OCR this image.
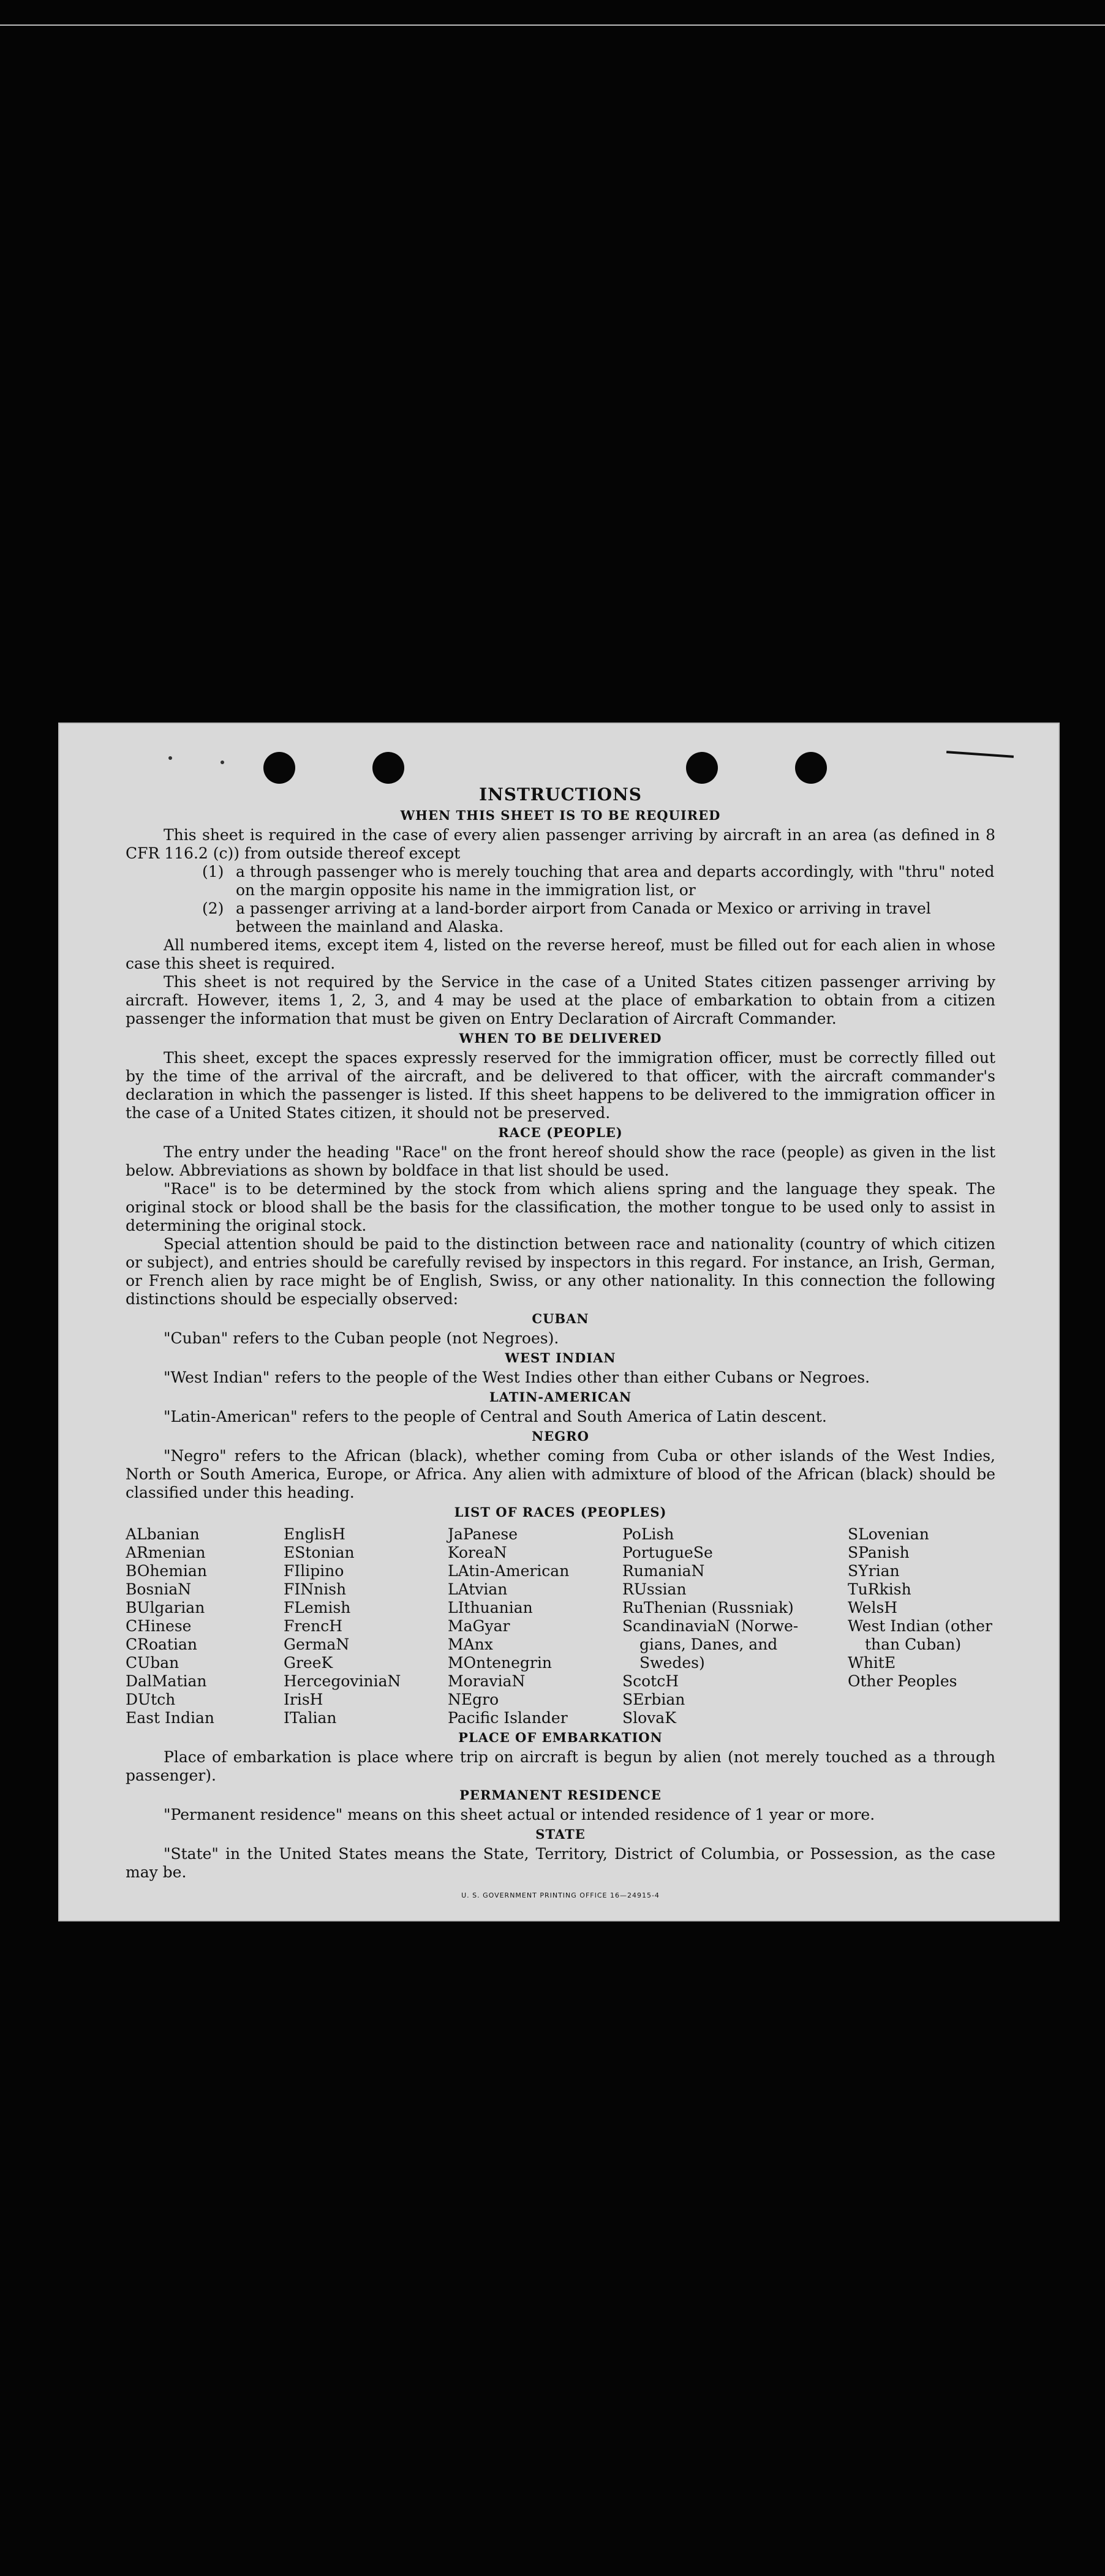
INSTRUCTIONS
WHEN THIS SHEET IS TO BE REQUIRED

This sheet is required in the case of every alien passenger arriving by aircraft in an area (as defined in 8 CFR 116.2 (c)) from outside thereof except

(1) a through passenger who is merely touching that area and departs accordingly, with "thru" noted on the margin opposite his name in the immigration list, or
(2) a passenger arriving at a land-border airport from Canada or Mexico or arriving in travel between the mainland and Alaska.

All numbered items, except item 4, listed on the reverse hereof, must be filled out for each alien in whose case this sheet is required.

This sheet is not required by the Service in the case of a United States citizen passenger arriving by aircraft. However, items 1, 2, 3, and 4 may be used at the place of embarkation to obtain from a citizen passenger the information that must be given on Entry Declaration of Aircraft Commander.

WHEN TO BE DELIVERED

This sheet, except the spaces expressly reserved for the immigration officer, must be correctly filled out by the time of the arrival of the aircraft, and be delivered to that officer, with the aircraft commander's declaration in which the passenger is listed. If this sheet happens to be delivered to the immigration officer in the case of a United States citizen, it should not be preserved.

RACE (PEOPLE)

The entry under the heading "Race" on the front hereof should show the race (people) as given in the list below. Abbreviations as shown by boldface in that list should be used.

"Race" is to be determined by the stock from which aliens spring and the language they speak. The original stock or blood shall be the basis for the classification, the mother tongue to be used only to assist in determining the original stock.

Special attention should be paid to the distinction between race and nationality (country of which citizen or subject), and entries should be carefully revised by inspectors in this regard. For instance, an Irish, German, or French alien by race might be of English, Swiss, or any other nationality. In this connection the following distinctions should be especially observed:

CUBAN

"Cuban" refers to the Cuban people (not Negroes).

WEST INDIAN

"West Indian" refers to the people of the West Indies other than either Cubans or Negroes.

LATIN-AMERICAN

"Latin-American" refers to the people of Central and South America of Latin descent.

NEGRO

"Negro" refers to the African (black), whether coming from Cuba or other islands of the West Indies, North or South America, Europe, or Africa. Any alien with admixture of blood of the African (black) should be classified under this heading.

LIST OF RACES (PEOPLES)
ALbanian
ARmenian
BOhemian
BosniaN
BUlgarian
CHinese
CRoatian
CUban
DalMatian
DUtch
East Indian
EnglisH
EStonian
FIlipino
FINnish
FLemish
FrencH
GermaN
GreeK
HercegoviniaN
IrisH
ITalian
JaPanese
KoreaN
LAtin-American
LAtvian
LIthuanian
MaGyar
MAnx
MOntenegrin
MoraviaN
NEgro
Pacific Islander
PoLish
PortugueSe
RumaniaN
RUssian
RuThenian (Russniak)
ScandinaviaN (Norwe-
gians, Danes, and
Swedes)
ScotcH
SErbian
SlovaK
SLovenian
SPanish
SYrian
TuRkish
WelsH
West Indian (other
than Cuban)
WhitE
Other Peoples
PLACE OF EMBARKATION

Place of embarkation is place where trip on aircraft is begun by alien (not merely touched as a through passenger).

PERMANENT RESIDENCE

"Permanent residence" means on this sheet actual or intended residence of 1 year or more.

STATE

"State" in the United States means the State, Territory, District of Columbia, or Possession, as the case may be.

U. S. GOVERNMENT PRINTING OFFICE 16—24915-4
